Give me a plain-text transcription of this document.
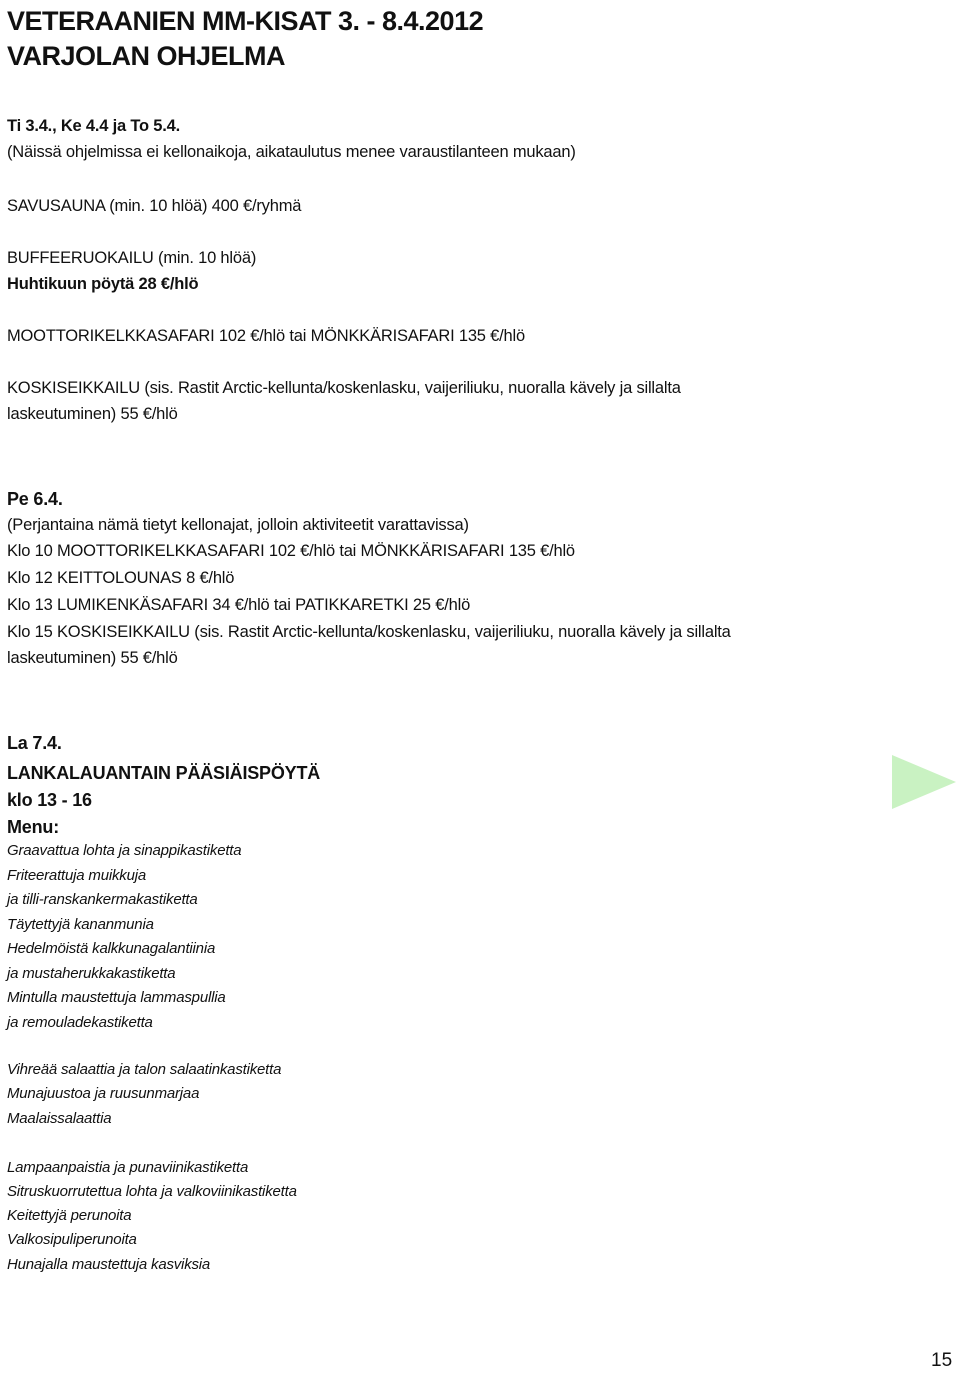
VETERAANIEN MM-KISAT 3. - 8.4.2012
VARJOLAN OHJELMA
Ti 3.4., Ke 4.4 ja To 5.4.
(Näissä ohjelmissa ei kellonaikoja, aikataulutus menee varaustilanteen mukaan)
SAVUSAUNA (min. 10 hlöä) 400 €/ryhmä
BUFFEERUOKAILU (min. 10 hlöä)
Huhtikuun pöytä 28 €/hlö
MOOTTORIKELKKASAFARI 102 €/hlö tai MÖNKKÄRISAFARI 135 €/hlö
KOSKISEIKKAILU (sis. Rastit Arctic-kellunta/koskenlasku, vaijeriliuku, nuoralla kävely ja sillalta
laskeutuminen) 55 €/hlö
Pe 6.4.
(Perjantaina nämä tietyt kellonajat, jolloin aktiviteetit varattavissa)
Klo 10 MOOTTORIKELKKASAFARI 102 €/hlö tai MÖNKKÄRISAFARI 135 €/hlö
Klo 12 KEITTOLOUNAS 8 €/hlö
Klo 13 LUMIKENKÄSAFARI 34 €/hlö tai PATIKKARETKI 25 €/hlö
Klo 15 KOSKISEIKKAILU (sis. Rastit Arctic-kellunta/koskenlasku, vaijeriliuku, nuoralla kävely ja sillalta
laskeutuminen) 55 €/hlö
La 7.4.
LANKALAUANTAIN PÄÄSIÄISPÖYTÄ
klo 13 - 16
Menu:
Graavattua lohta ja sinappikastiketta
Friteerattuja muikkuja
ja tilli-ranskankermakastiketta
Täytettyjä kananmunia
Hedelmöistä kalkkunagalantiinia
ja mustaherukkakastiketta
Mintulla maustettuja lammaspullia
ja remouladekastiketta
Vihreää salaattia ja talon salaatinkastiketta
Munajuustoa ja ruusunmarjaa
Maalaissalaattia
Lampaanpaistia ja punaviinikastiketta
Sitruskuorrutettua lohta ja valkoviinikastiketta
Keitettyjä perunoita
Valkosipuliperunoita
Hunajalla maustettuja kasviksia
15
